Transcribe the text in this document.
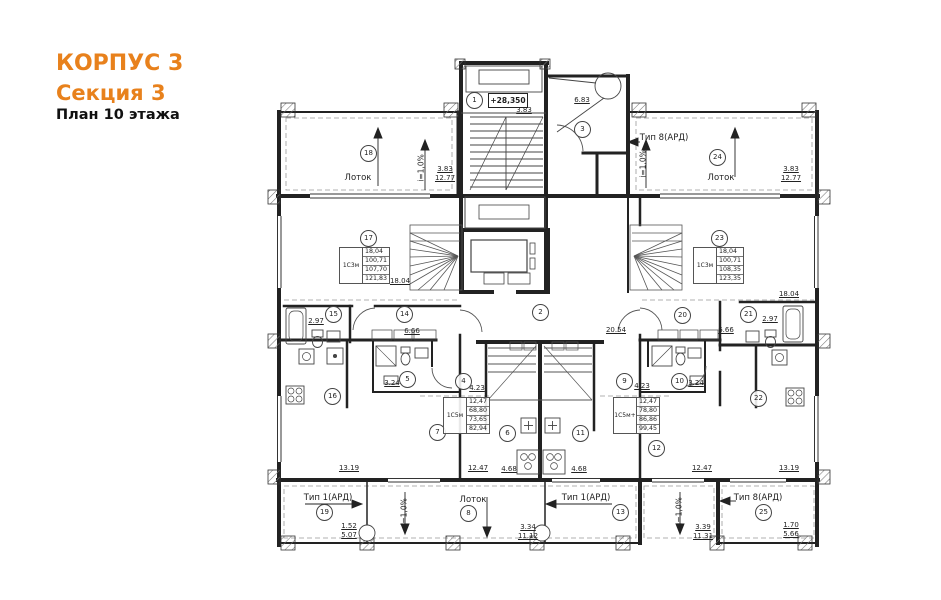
КОРПУС 3
Секция 3
План 10 этажа
+28,350
1
2
3
4
5
6
7
8
9	10
11
12
13
14
15
16
17
18
19
20	21
22
23
24
25
3.83
6.83
18.04
18.04
2.97	2.97
6.66	6.66
20.54
3.24	3.24
4.23	4.23
13.19	12.47 4.68	4.68	12.47	13.19
3.83
12.77
3.83
12.77
1.52
5.07
3.34
11.12
3.39
11.31
1.70
5.66
Лоток	Лоток
Лоток
Тип 8(АРД)
Тип 8(АРД)
Тип 1(АРД)	Тип 1(АРД)
i=1,0%	i=1,0%
i=1,0%	i=1,0%
1С3м
18,04
100,71
107,70
121,83
1С3м
18,04
100,71
108,35
123,35
1С5м
12,47
68,80
73,65
82,94
1С5м+
12,47
78,80
86,86
99,45
